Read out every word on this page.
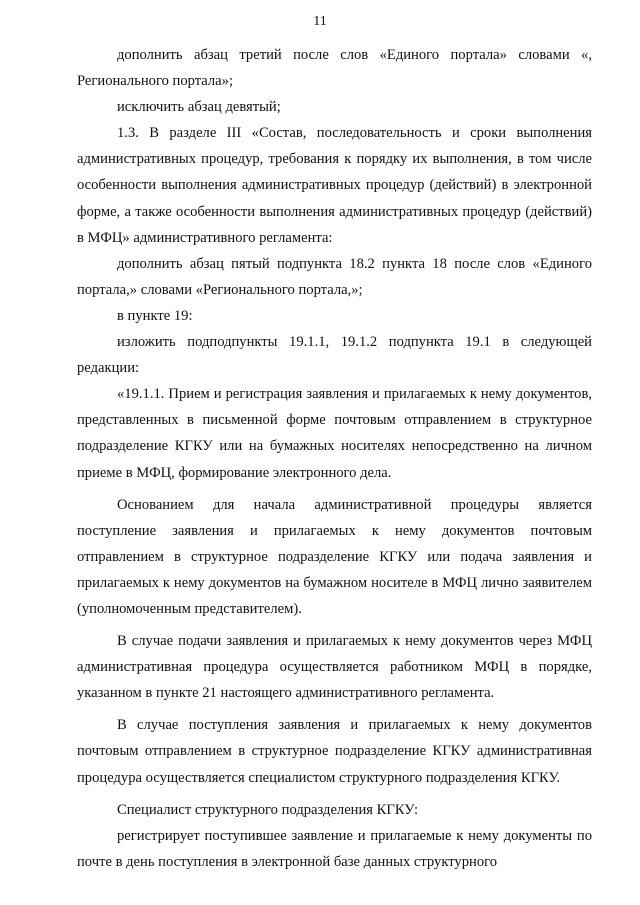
11

дополнить абзац третий после слов «Единого портала» словами «, Регионального портала»;

исключить абзац девятый;

1.3. В разделе III «Состав, последовательность и сроки выполнения административных процедур, требования к порядку их выполнения, в том числе особенности выполнения административных процедур (действий) в электронной форме, а также особенности выполнения административных процедур (действий) в МФЦ» административного регламента:

дополнить абзац пятый подпункта 18.2 пункта 18 после слов «Единого портала,» словами «Регионального портала,»;

в пункте 19:

изложить подподпункты 19.1.1, 19.1.2 подпункта 19.1 в следующей редакции:

«19.1.1. Прием и регистрация заявления и прилагаемых к нему документов, представленных в письменной форме почтовым отправлением в структурное подразделение КГКУ или на бумажных носителях непосредственно на личном приеме в МФЦ, формирование электронного дела.

Основанием для начала административной процедуры является поступление заявления и прилагаемых к нему документов почтовым отправлением в структурное подразделение КГКУ или подача заявления и прилагаемых к нему документов на бумажном носителе в МФЦ лично заявителем (уполномоченным представителем).

В случае подачи заявления и прилагаемых к нему документов через МФЦ административная процедура осуществляется работником МФЦ в порядке, указанном в пункте 21 настоящего административного регламента.

В случае поступления заявления и прилагаемых к нему документов почтовым отправлением в структурное подразделение КГКУ административная процедура осуществляется специалистом структурного подразделения КГКУ.

Специалист структурного подразделения КГКУ:

регистрирует поступившее заявление и прилагаемые к нему документы по почте в день поступления в электронной базе данных структурного
